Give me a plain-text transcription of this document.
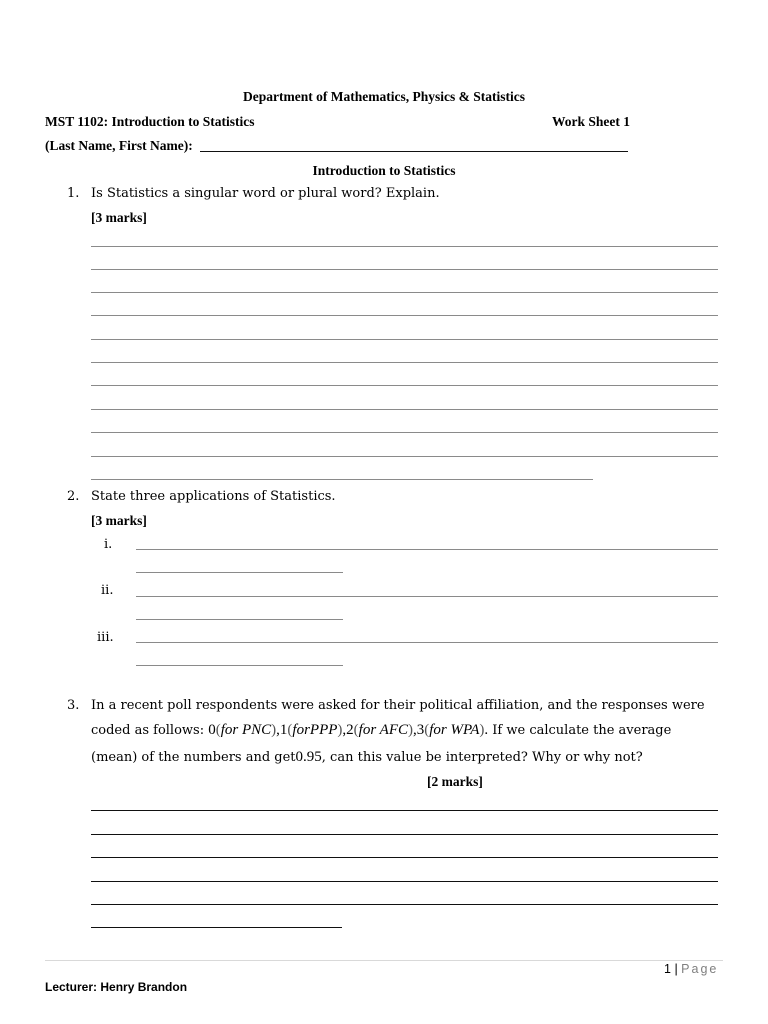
Department of Mathematics, Physics & Statistics
MST 1102: Introduction to Statistics	Work Sheet 1
(Last Name, First Name):
Introduction to Statistics
1. Is Statistics a singular word or plural word? Explain.
[3 marks]
2. State three applications of Statistics.
[3 marks]
i.
ii.
iii.
3. In a recent poll respondents were asked for their political affiliation, and the responses were
coded as follows: 0(for PNC),1(forPPP),2(for AFC),3(for WPA). If we calculate the average
(mean) of the numbers and get0.95, can this value be interpreted? Why or why not?
[2 marks]
1 | Page
Lecturer: Henry Brandon
